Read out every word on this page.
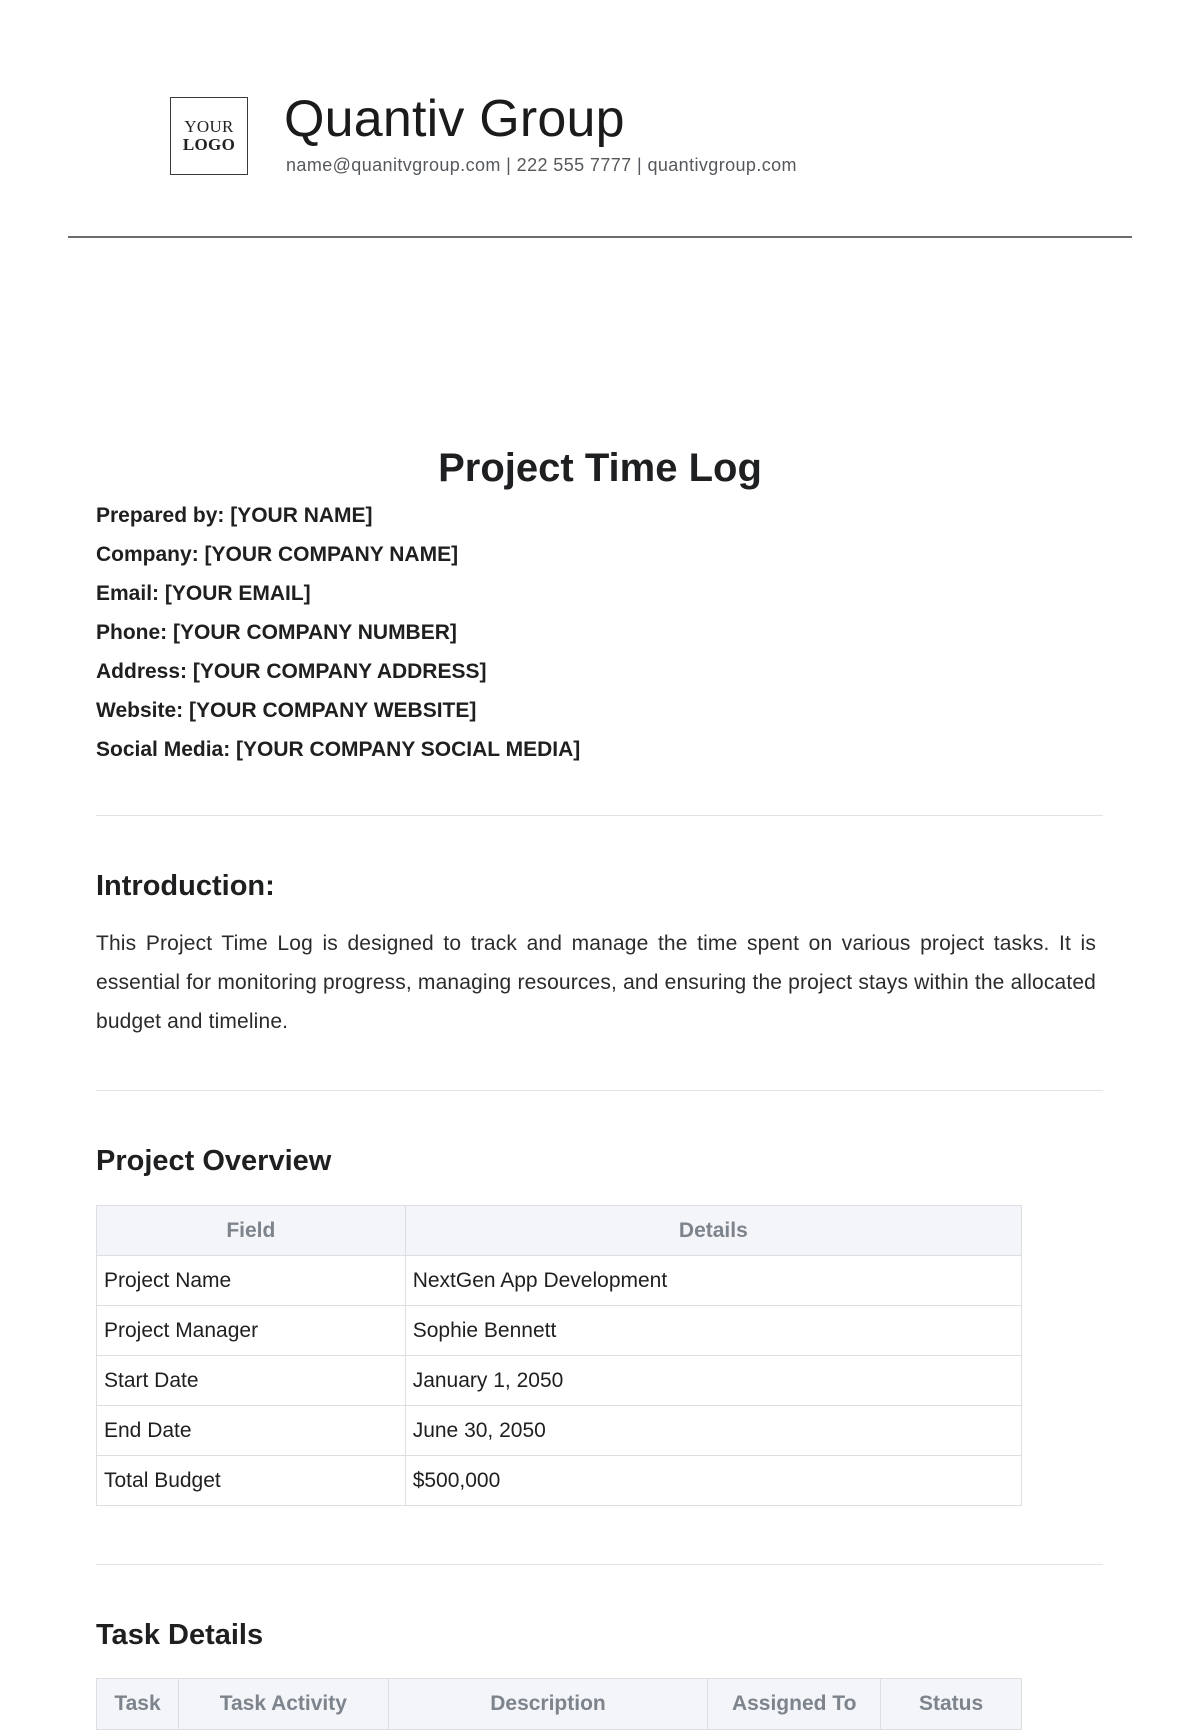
YOUR
LOGO Quantiv Group
name@quanitvgroup.com | 222 555 7777 | quantivgroup.com
Project Time Log
Prepared by: [YOUR NAME]
Company: [YOUR COMPANY NAME]
Email: [YOUR EMAIL]
Phone: [YOUR COMPANY NUMBER]
Address: [YOUR COMPANY ADDRESS]
Website: [YOUR COMPANY WEBSITE]
Social Media: [YOUR COMPANY SOCIAL MEDIA]
Introduction:
This Project Time Log is designed to track and manage the time spent on various project tasks. It is essential for monitoring progress, managing resources, and ensuring the project stays within the allocated budget and timeline.
Project Overview
Field	Details
Project Name	NextGen App Development
Project Manager	Sophie Bennett
Start Date	January 1, 2050
End Date	June 30, 2050
Total Budget	$500,000
Task Details
Task	Task Activity	Description	Assigned To	Status
